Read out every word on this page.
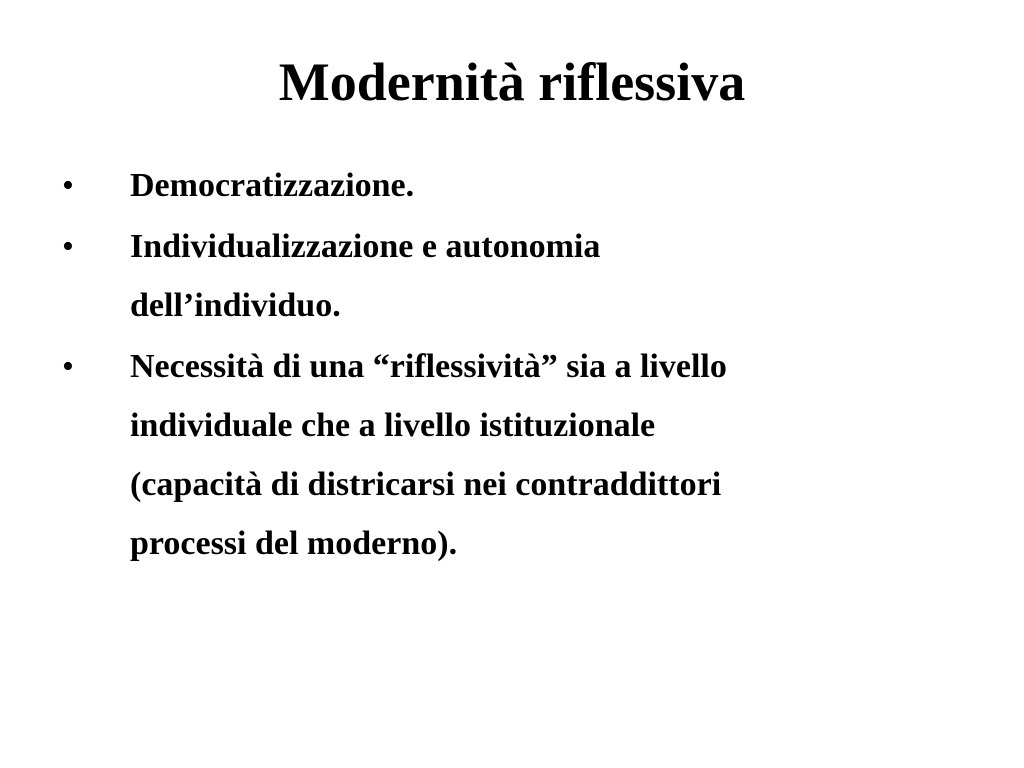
Modernità riflessiva
• Democratizzazione.
• Individualizzazione e autonomia
dell’individuo.
• Necessità di una “riflessività” sia a livello
individuale che a livello istituzionale
(capacità di districarsi nei contraddittori
processi del moderno).
